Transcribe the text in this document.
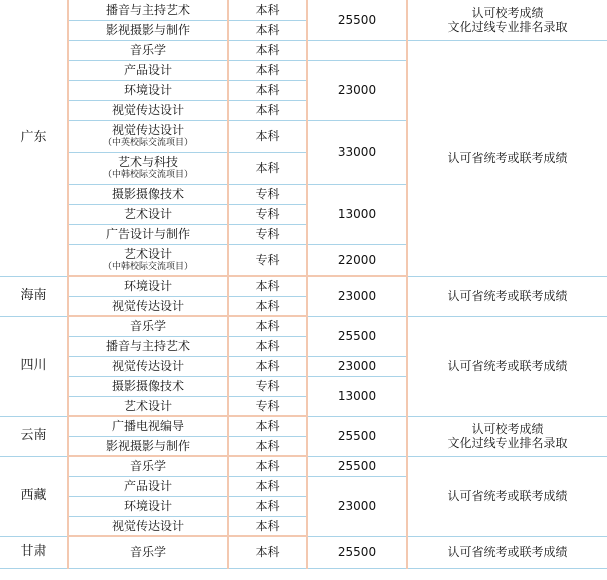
广东	播音与主持艺术	本科	25500	认可校考成绩
文化过线专业排名录取
	影视摄影与制作	本科		
	音乐学	本科		认可省统考或联考成绩
	产品设计	本科	23000	
	环境设计	本科		
	视觉传达设计	本科		

	视觉传达设计
（中英校际交流项目）	本科	33000	

	艺术与科技
（中韩校际交流项目）	本科		
	摄影摄像技术	专科	13000	
	艺术设计	专科		
	广告设计与制作	专科		

	艺术设计
（中韩校际交流项目）	专科	22000	
海南	环境设计	本科	23000	认可省统考或联考成绩
	视觉传达设计	本科		
四川	音乐学	本科	25500	认可省统考或联考成绩
	播音与主持艺术	本科		
	视觉传达设计	本科	23000	
	摄影摄像技术	专科	13000	
	艺术设计	专科		
云南	广播电视编导	本科	25500	认可校考成绩
文化过线专业排名录取
	影视摄影与制作	本科		
西藏	音乐学	本科	25500	认可省统考或联考成绩
	产品设计	本科	23000	
	环境设计	本科		
	视觉传达设计	本科		
甘肃	音乐学	本科	25500	认可省统考或联考成绩
